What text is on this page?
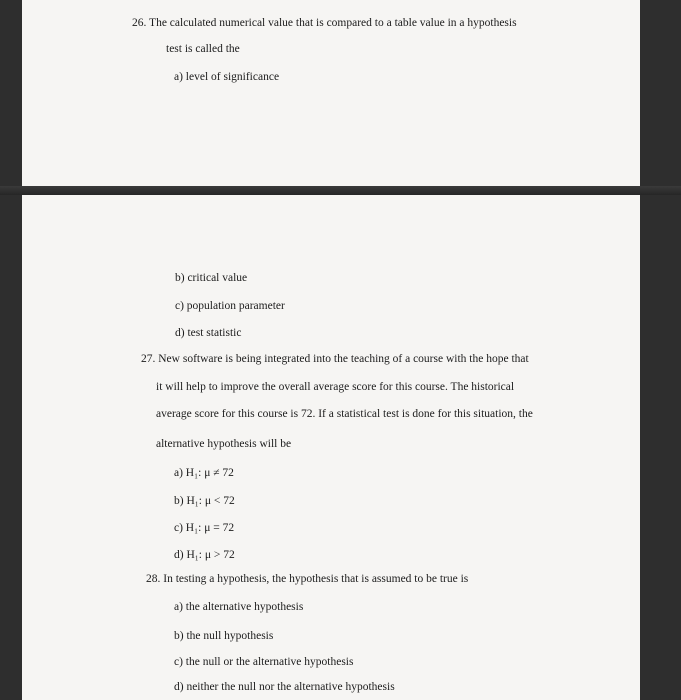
26. The calculated numerical value that is compared to a table value in a hypothesis
test is called the
a) level of significance
b) critical value
c) population parameter
d) test statistic
27. New software is being integrated into the teaching of a course with the hope that
it will help to improve the overall average score for this course. The historical
average score for this course is 72. If a statistical test is done for this situation, the
alternative hypothesis will be
a) H₁: μ ≠ 72
b) H₁: μ < 72
c) H₁: μ = 72
d) H₁: μ > 72
28. In testing a hypothesis, the hypothesis that is assumed to be true is
a) the alternative hypothesis
b) the null hypothesis
c) the null or the alternative hypothesis
d) neither the null nor the alternative hypothesis
